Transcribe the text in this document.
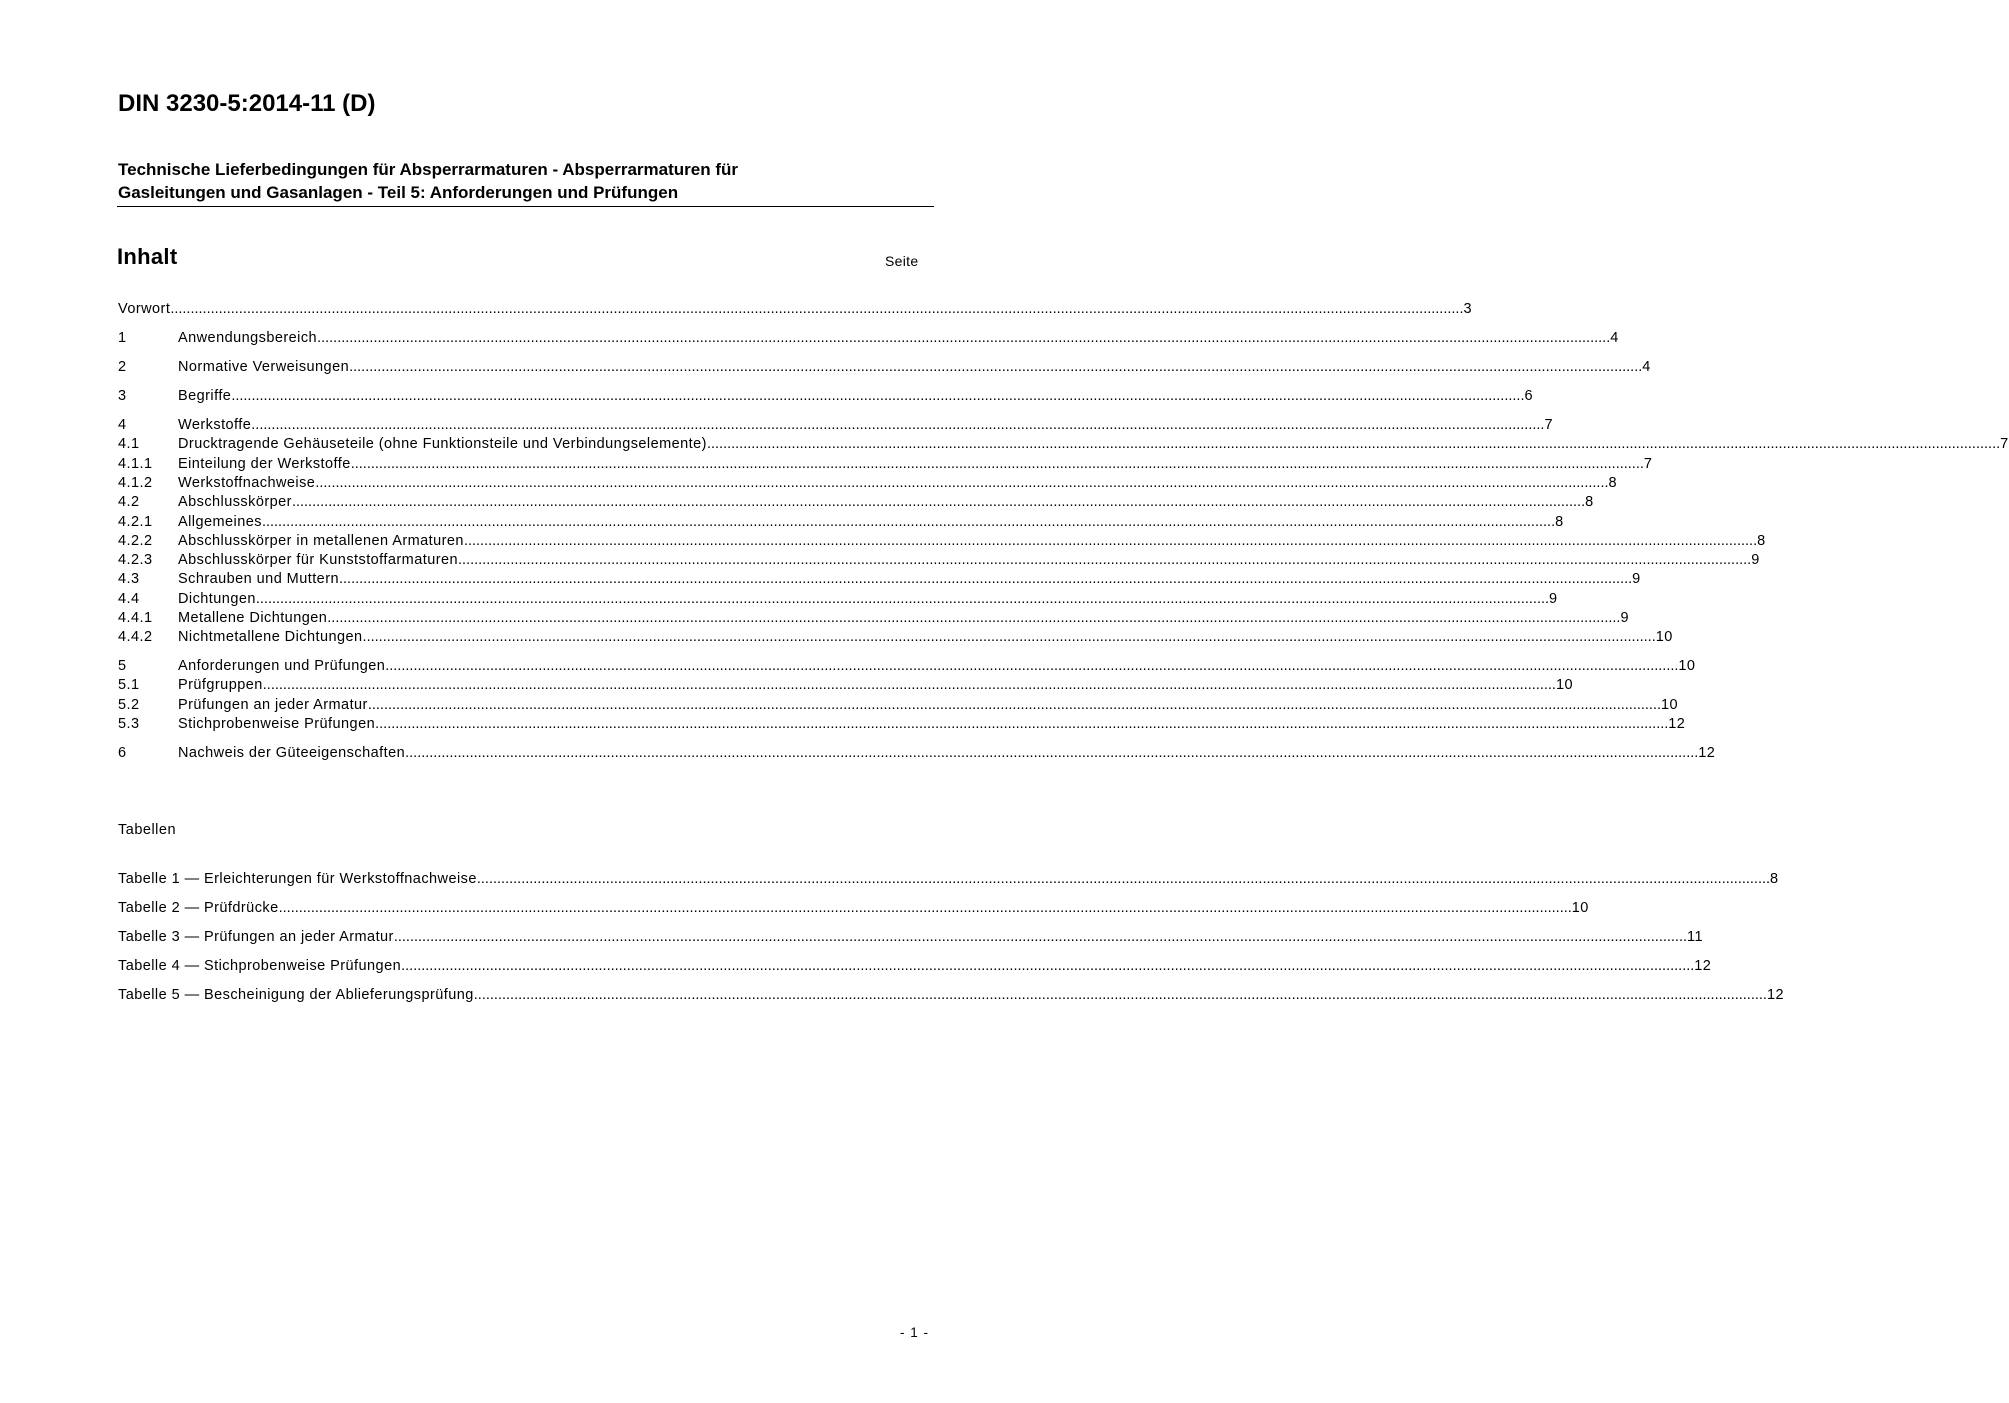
DIN 3230-5:2014-11 (D)
Technische Lieferbedingungen für Absperrarmaturen - Absperrarmaturen für
Gasleitungen und Gasanlagen - Teil 5: Anforderungen und Prüfungen
Inhalt	Seite
Vorwort .....	3
1	Anwendungsbereich .....	4
2	Normative Verweisungen .....	4
3	Begriffe .....	6
4	Werkstoffe .....	7
4.1	Drucktragende Gehäuseteile (ohne Funktionsteile und Verbindungselemente) .....	7
4.1.1	Einteilung der Werkstoffe .....	7
4.1.2	Werkstoffnachweise .....	8
4.2	Abschlusskörper .....	8
4.2.1	Allgemeines .....	8
4.2.2	Abschlusskörper in metallenen Armaturen .....	8
4.2.3	Abschlusskörper für Kunststoffarmaturen .....	9
4.3	Schrauben und Muttern .....	9
4.4	Dichtungen .....	9
4.4.1	Metallene Dichtungen .....	9
4.4.2	Nichtmetallene Dichtungen .....	10
5	Anforderungen und Prüfungen .....	10
5.1	Prüfgruppen .....	10
5.2	Prüfungen an jeder Armatur .....	10
5.3	Stichprobenweise Prüfungen .....	12
6	Nachweis der Güteeigenschaften .....	12
Tabellen
Tabelle 1 — Erleichterungen für Werkstoffnachweise .....	8
Tabelle 2 — Prüfdrücke .....	10
Tabelle 3 — Prüfungen an jeder Armatur .....	11
Tabelle 4 — Stichprobenweise Prüfungen .....	12
Tabelle 5 — Bescheinigung der Ablieferungsprüfung .....	12
- 1 -
